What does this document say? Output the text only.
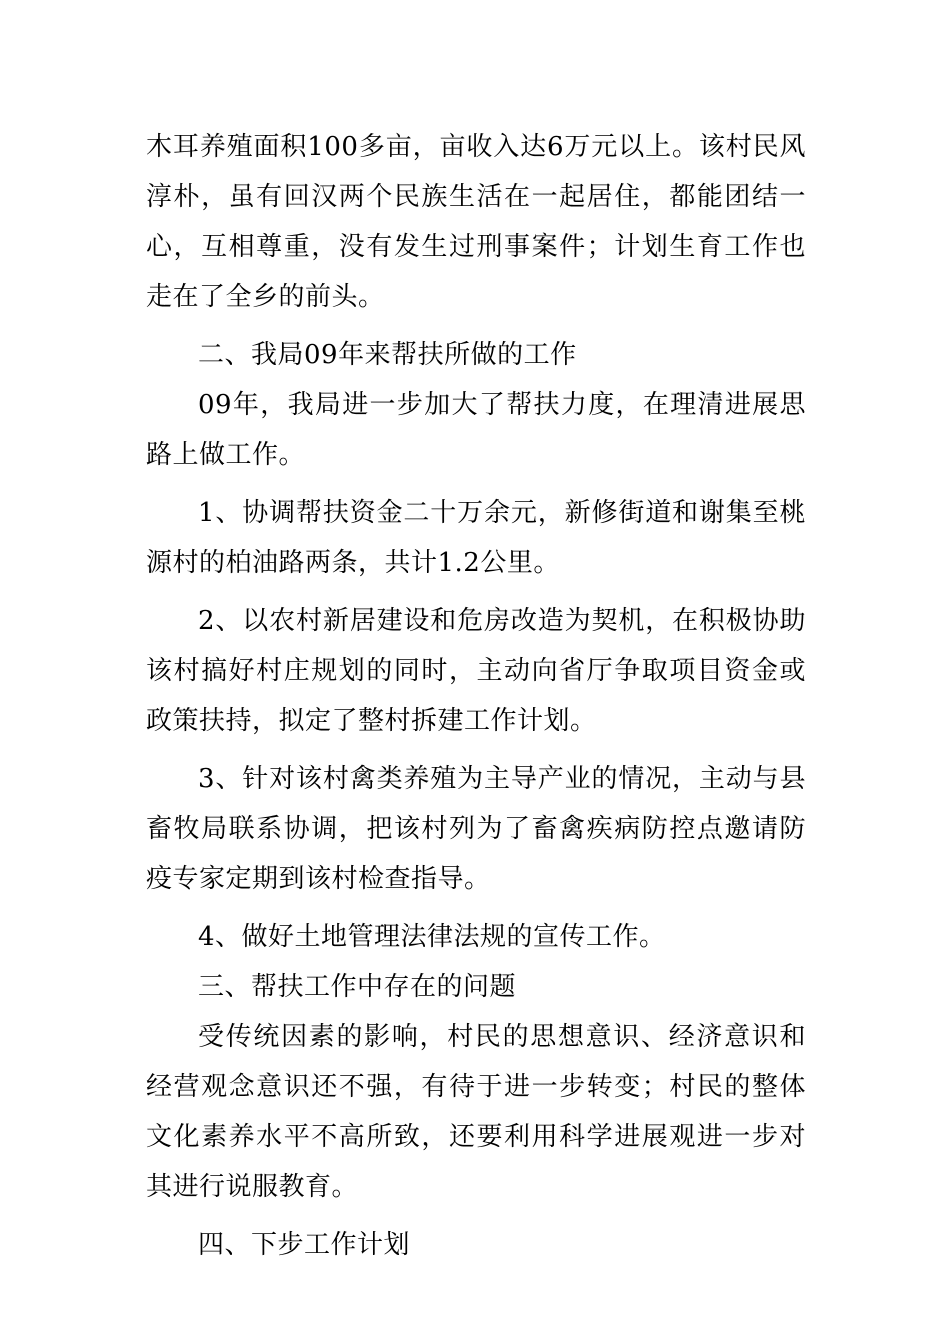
木耳养殖面积100多亩，亩收入达6万元以上。该村民风淳朴，虽有回汉两个民族生活在一起居住，都能团结一心，互相尊重，没有发生过刑事案件；计划生育工作也走在了全乡的前头。

二、我局09年来帮扶所做的工作

09年，我局进一步加大了帮扶力度，在理清进展思路上做工作。

1、协调帮扶资金二十万余元，新修街道和谢集至桃源村的柏油路两条，共计1.2公里。

2、以农村新居建设和危房改造为契机，在积极协助该村搞好村庄规划的同时，主动向省厅争取项目资金或政策扶持，拟定了整村拆建工作计划。

3、针对该村禽类养殖为主导产业的情况，主动与县畜牧局联系协调，把该村列为了畜禽疾病防控点邀请防疫专家定期到该村检查指导。

4、做好土地管理法律法规的宣传工作。

三、帮扶工作中存在的问题

受传统因素的影响，村民的思想意识、经济意识和经营观念意识还不强，有待于进一步转变；村民的整体文化素养水平不高所致，还要利用科学进展观进一步对其进行说服教育。

四、下步工作计划
